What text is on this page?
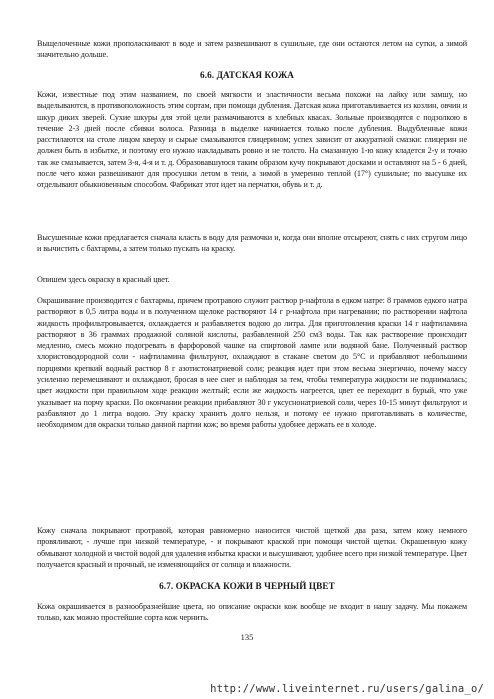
Выщелоченные кожи прополаскивают в воде и затем развешивают в сушильне, где они остаются летом на сутки, а зимой значительно дольше.

6.6. ДАТСКАЯ КОЖА

Кожи, известные под этим названием, по своей мягкости и эластичности весьма похожи на лайку или замшу, но выделываются, в противоположность этим сортам, при помощи дубления. Датская кожа приготавливается из козлин, овчин и шкур диких зверей. Сухие шкуры для этой цели размачиваются в хлебных квасах. Зольные производятся с подзолкою в течение 2-3 дней после сбивки волоса. Разница в выделке начинается только после дубления. Выдубленные кожи расстилаются на столе лицом кверху и сырые смазываются глицерином; успех зависит от аккуратной смазки: глицерин не должен быть в избытке, и поэтому его нужно накладывать ровно и не толсто. На смазанную 1-ю кожу кладется 2-у и точно так же смазывается, затем 3-я, 4-я и т. д. Образовавшуюся таким образом кучу покрывают досками и оставляют на 5 - 6 дней, после чего кожи развешивают для просушки летом в тени, а зимой в умеренно теплой (17°) сушильне; по высушке их отделывают обыкновенным способом. Фабрикат этот идет на перчатки, обувь и т. д.

Высушенные кожи предлагается сначала класть в воду для размочки и, когда они вполне отсыреют, снять с них стругом лицо и вычистить с бахтармы, а затем только пускать на краску.

Опишем здесь окраску в красный цвет.

Окрашивание производится с бахтармы, причем протравою служит раствор р-нафтола в едком натре: 8 граммов едкого натра растворяют в 0,5 литра воды и в полученном щелоке растворяют 14 г р-нафтола при нагревании; по растворении нафтола жидкость профильтровывается, охлаждается и разбавляется водою до литра. Для приготовления краски 14 г нафтиламина растворяют в 36 граммах продажной соляной кислоты, разбавленной 250 см3 воды. Так как растворение происходит медленно, смесь можно подогревать в фарфоровой чашке на спиртовой лампе или водяной бане. Полученный раствор хлористоводородной соли - нафтиламина фильтруют, охлаждают в стакане светом до 5°С и прибавляют небольшими порциями крепкий водный раствор 8 г азотистонатриевой соли; реакция идет при этом весьма энергично, почему массу усиленно перемешивают и охлаждают, бросая в нее снег и наблюдая за тем, чтобы температура жидкости не поднималась; цвет жидкости при правильном ходе реакции желтый; если же жидкость нагреется, цвет ее переходит в бурый, что уже указывает на порчу краски. По окончании реакции прибавляют 30 г уксуснонатриевой соли, через 10-15 минут фильтруют и разбавляют до 1 литра водою. Эту краску хранить долго нельзя, и потому ее нужно приготавливать в количестве, необходимом для окраски только данной партии кож; во время работы удобнее держать ее в холоде.

Кожу сначала покрывают протравой, которая равномерно наносится чистой щеткой два раза, затем кожу немного провяливают, - лучше при низкой температуре, - и покрывают краской при помощи чистой щетки. Окрашенную кожу обмывают холодной и чистой водой для удаления избытка краски и высушивают, удобнее всего при низкой температуре. Цвет получается красный и прочный, не изменяющийся от солнца и влажности.

6.7. ОКРАСКА КОЖИ В ЧЕРНЫЙ ЦВЕТ

Кожа окрашивается в разнообразнейшие цвета, но описание окраски кож вообще не входит в нашу задачу. Мы покажем только, как можно простейшие сорта кож чернить.

135
http://www.liveinternet.ru/users/galina_o/
